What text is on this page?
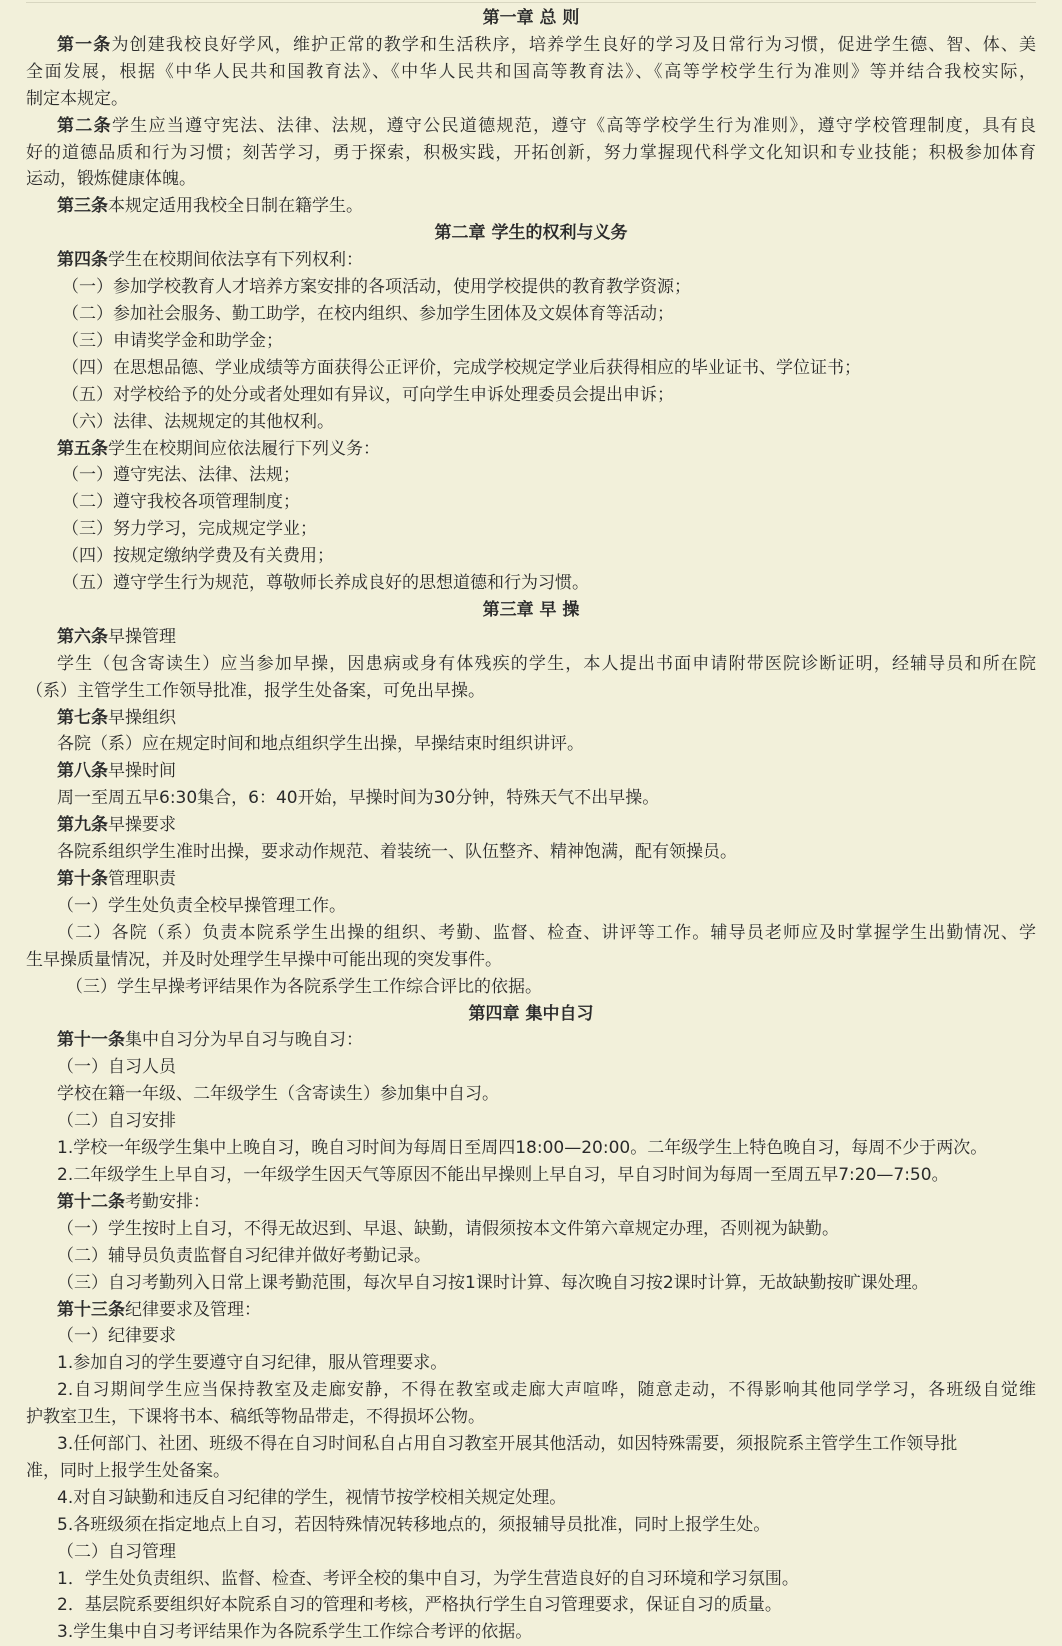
第一章 总 则
第一条为创建我校良好学风，维护正常的教学和生活秩序，培养学生良好的学习及日常行为习惯，促进学生德、智、体、美
全面发展，根据《中华人民共和国教育法》、《中华人民共和国高等教育法》、《高等学校学生行为准则》等并结合我校实际，
制定本规定。
第二条学生应当遵守宪法、法律、法规，遵守公民道德规范，遵守《高等学校学生行为准则》，遵守学校管理制度，具有良
好的道德品质和行为习惯；刻苦学习，勇于探索，积极实践，开拓创新，努力掌握现代科学文化知识和专业技能；积极参加体育
运动，锻炼健康体魄。
第三条本规定适用我校全日制在籍学生。
第二章 学生的权利与义务
第四条学生在校期间依法享有下列权利：
（一）参加学校教育人才培养方案安排的各项活动，使用学校提供的教育教学资源；
（二）参加社会服务、勤工助学，在校内组织、参加学生团体及文娱体育等活动；
（三）申请奖学金和助学金；
（四）在思想品德、学业成绩等方面获得公正评价，完成学校规定学业后获得相应的毕业证书、学位证书；
（五）对学校给予的处分或者处理如有异议，可向学生申诉处理委员会提出申诉；
（六）法律、法规规定的其他权利。
第五条学生在校期间应依法履行下列义务：
（一）遵守宪法、法律、法规；
（二）遵守我校各项管理制度；
（三）努力学习，完成规定学业；
（四）按规定缴纳学费及有关费用；
（五）遵守学生行为规范，尊敬师长养成良好的思想道德和行为习惯。
第三章 早 操
第六条早操管理
学生（包含寄读生）应当参加早操，因患病或身有体残疾的学生，本人提出书面申请附带医院诊断证明，经辅导员和所在院
（系）主管学生工作领导批准，报学生处备案，可免出早操。
第七条早操组织
各院（系）应在规定时间和地点组织学生出操，早操结束时组织讲评。
第八条早操时间
周一至周五早6:30集合，6：40开始，早操时间为30分钟，特殊天气不出早操。
第九条早操要求
各院系组织学生准时出操，要求动作规范、着装统一、队伍整齐、精神饱满，配有领操员。
第十条管理职责
（一）学生处负责全校早操管理工作。
（二）各院（系）负责本院系学生出操的组织、考勤、监督、检查、讲评等工作。辅导员老师应及时掌握学生出勤情况、学
生早操质量情况，并及时处理学生早操中可能出现的突发事件。
（三）学生早操考评结果作为各院系学生工作综合评比的依据。
第四章 集中自习
第十一条集中自习分为早自习与晚自习：
（一）自习人员
学校在籍一年级、二年级学生（含寄读生）参加集中自习。
（二）自习安排
1.学校一年级学生集中上晚自习，晚自习时间为每周日至周四18:00—20:00。二年级学生上特色晚自习，每周不少于两次。
2.二年级学生上早自习，一年级学生因天气等原因不能出早操则上早自习，早自习时间为每周一至周五早7:20—7:50。
第十二条考勤安排：
（一）学生按时上自习，不得无故迟到、早退、缺勤，请假须按本文件第六章规定办理，否则视为缺勤。
（二）辅导员负责监督自习纪律并做好考勤记录。
（三）自习考勤列入日常上课考勤范围，每次早自习按1课时计算、每次晚自习按2课时计算，无故缺勤按旷课处理。
第十三条纪律要求及管理：
（一）纪律要求
1.参加自习的学生要遵守自习纪律，服从管理要求。
2.自习期间学生应当保持教室及走廊安静，不得在教室或走廊大声喧哗，随意走动，不得影响其他同学学习，各班级自觉维
护教室卫生，下课将书本、稿纸等物品带走，不得损坏公物。
3.任何部门、社团、班级不得在自习时间私自占用自习教室开展其他活动，如因特殊需要，须报院系主管学生工作领导批
准，同时上报学生处备案。
4.对自习缺勤和违反自习纪律的学生，视情节按学校相关规定处理。
5.各班级须在指定地点上自习，若因特殊情况转移地点的，须报辅导员批准，同时上报学生处。
（二）自习管理
1．学生处负责组织、监督、检查、考评全校的集中自习，为学生营造良好的自习环境和学习氛围。
2．基层院系要组织好本院系自习的管理和考核，严格执行学生自习管理要求，保证自习的质量。
3.学生集中自习考评结果作为各院系学生工作综合考评的依据。
